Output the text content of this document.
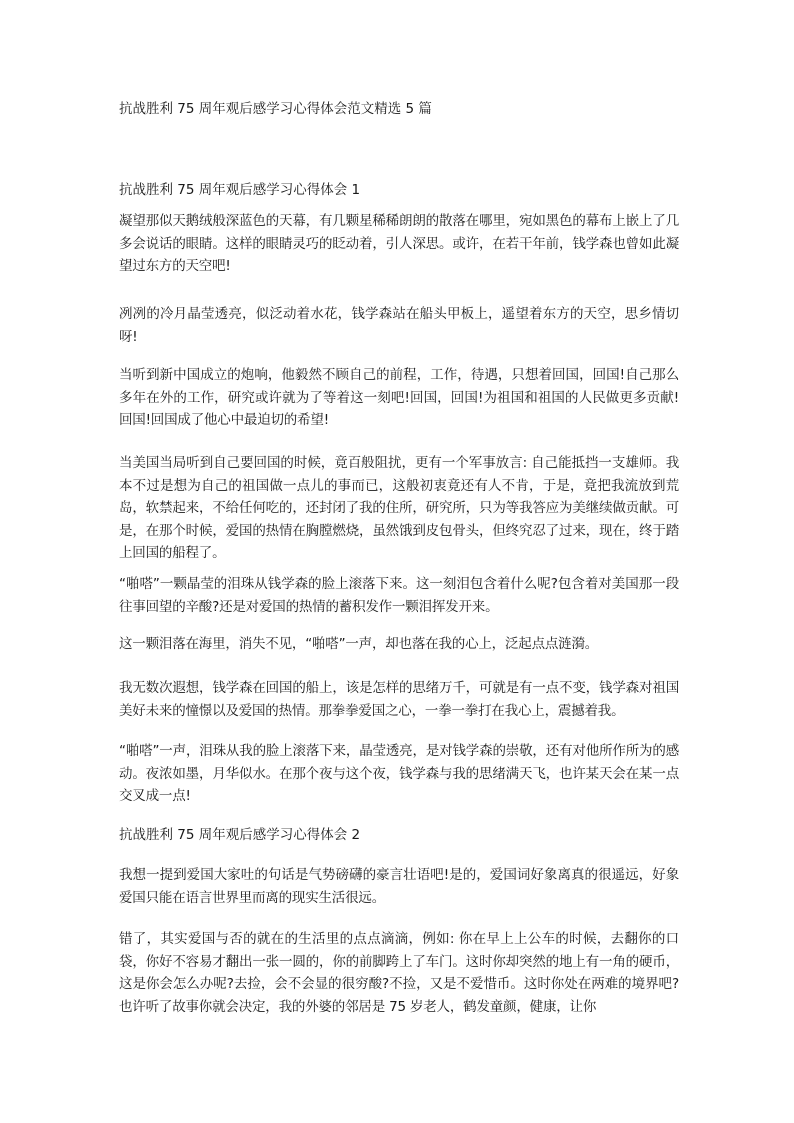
抗战胜利 75 周年观后感学习心得体会范文精选 5 篇
抗战胜利 75 周年观后感学习心得体会 1

凝望那似天鹅绒般深蓝色的天幕，有几颗星稀稀朗朗的散落在哪里，宛如黑色的幕布上嵌上了几多会说话的眼睛。这样的眼睛灵巧的眨动着，引人深思。或许，在若干年前，钱学森也曾如此凝望过东方的天空吧!

冽冽的冷月晶莹透亮，似泛动着水花，钱学森站在船头甲板上，遥望着东方的天空，思乡情切呀!

当听到新中国成立的炮响，他毅然不顾自己的前程，工作，待遇，只想着回国，回国!自己那么多年在外的工作，研究或许就为了等着这一刻吧!回国，回国!为祖国和祖国的人民做更多贡献!回国!回国成了他心中最迫切的希望!

当美国当局听到自己要回国的时候，竟百般阻扰，更有一个军事放言: 自己能抵挡一支雄师。我本不过是想为自己的祖国做一点儿的事而已，这般初衷竟还有人不肯，于是，竟把我流放到荒岛，软禁起来，不给任何吃的，还封闭了我的住所，研究所，只为等我答应为美继续做贡献。可是，在那个时候，爱国的热情在胸膛燃烧，虽然饿到皮包骨头，但终究忍了过来，现在，终于踏上回国的船程了。

“啪嗒”一颗晶莹的泪珠从钱学森的脸上滚落下来。这一刻泪包含着什么呢?包含着对美国那一段往事回望的辛酸?还是对爱国的热情的蓄积发作一颗泪挥发开来。

这一颗泪落在海里，消失不见，“啪嗒”一声，却也落在我的心上，泛起点点涟漪。

我无数次遐想，钱学森在回国的船上，该是怎样的思绪万千，可就是有一点不变，钱学森对祖国美好未来的憧憬以及爱国的热情。那拳拳爱国之心，一拳一拳打在我心上，震撼着我。

“啪嗒”一声，泪珠从我的脸上滚落下来，晶莹透亮，是对钱学森的崇敬，还有对他所作所为的感动。夜浓如墨，月华似水。在那个夜与这个夜，钱学森与我的思绪满天飞，也许某天会在某一点交叉成一点!

抗战胜利 75 周年观后感学习心得体会 2

我想一提到爱国大家吐的句话是气势磅礴的豪言壮语吧!是的，爱国词好象离真的很遥远，好象爱国只能在语言世界里而离的现实生活很远。

错了，其实爱国与否的就在的生活里的点点滴滴，例如: 你在早上上公车的时候，去翻你的口袋，你好不容易才翻出一张一圆的，你的前脚跨上了车门。这时你却突然的地上有一角的硬币，这是你会怎么办呢?去捡，会不会显的很穷酸?不捡，又是不爱惜币。这时你处在两难的境界吧?也许听了故事你就会决定，我的外婆的邻居是 75 岁老人，鹤发童颜，健康，让你
